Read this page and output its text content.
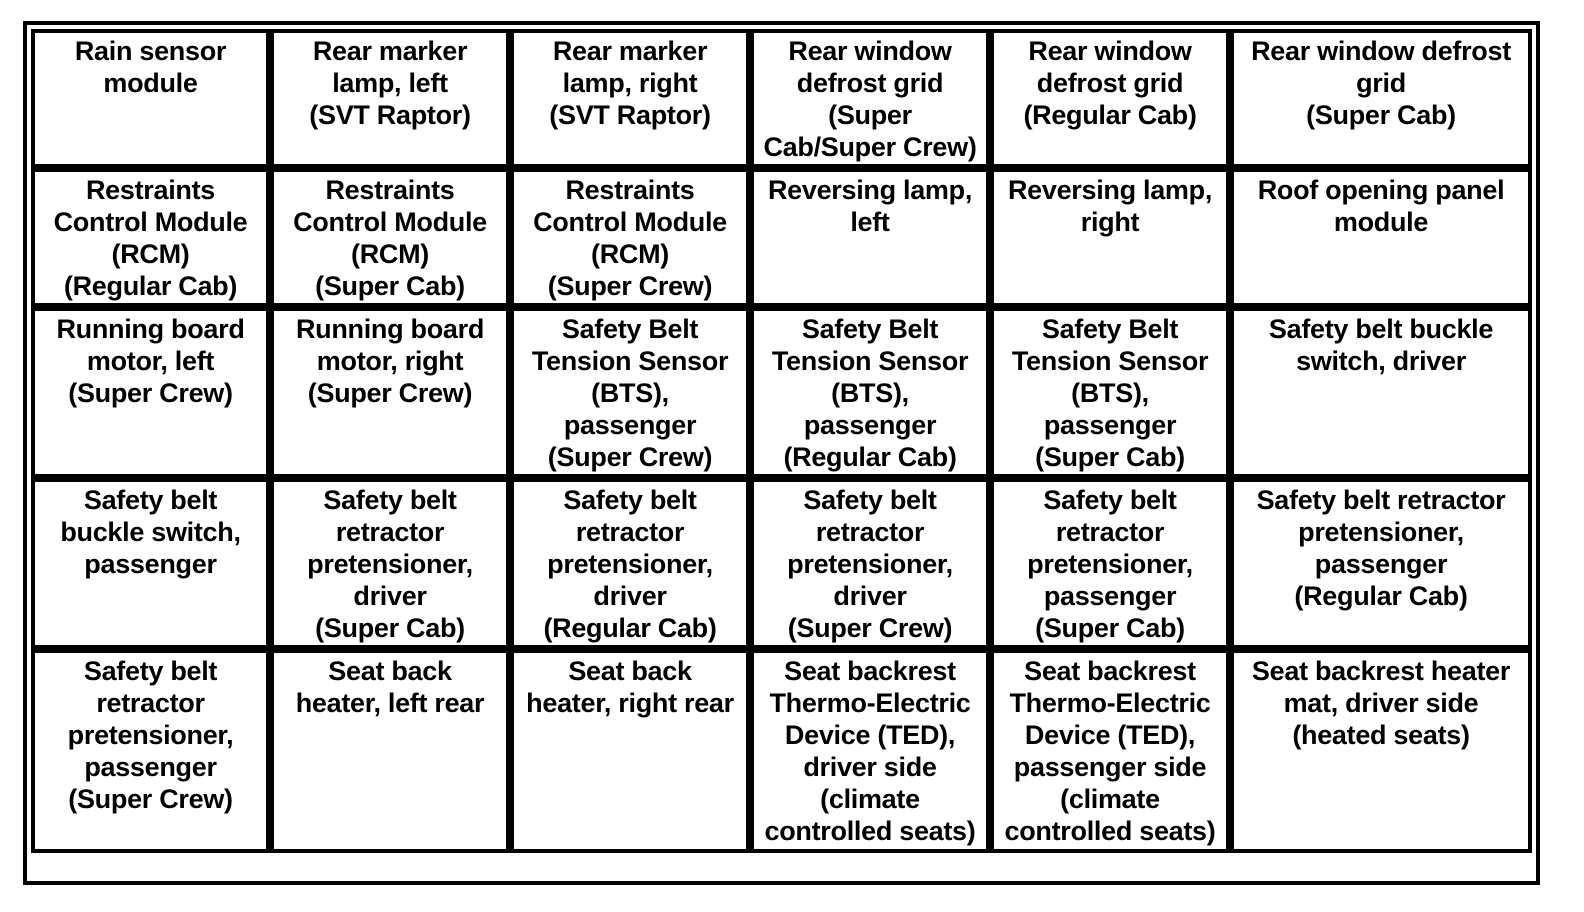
Rain sensor
module
Rear marker
lamp, left
(SVT Raptor)
Rear marker
lamp, right
(SVT Raptor)
Rear window
defrost grid
(Super
Cab/Super Crew)
Rear window
defrost grid
(Regular Cab)
Rear window defrost
grid
(Super Cab)
Restraints
Control Module
(RCM)
(Regular Cab)
Restraints
Control Module
(RCM)
(Super Cab)
Restraints
Control Module
(RCM)
(Super Crew)
Reversing lamp,
left
Reversing lamp,
right
Roof opening panel
module
Running board
motor, left
(Super Crew)
Running board
motor, right
(Super Crew)
Safety Belt
Tension Sensor
(BTS),
passenger
(Super Crew)
Safety Belt
Tension Sensor
(BTS),
passenger
(Regular Cab)
Safety Belt
Tension Sensor
(BTS),
passenger
(Super Cab)
Safety belt buckle
switch, driver
Safety belt
buckle switch,
passenger
Safety belt
retractor
pretensioner,
driver
(Super Cab)
Safety belt
retractor
pretensioner,
driver
(Regular Cab)
Safety belt
retractor
pretensioner,
driver
(Super Crew)
Safety belt
retractor
pretensioner,
passenger
(Super Cab)
Safety belt retractor
pretensioner,
passenger
(Regular Cab)
Safety belt
retractor
pretensioner,
passenger
(Super Crew)
Seat back
heater, left rear
Seat back
heater, right rear
Seat backrest
Thermo-Electric
Device (TED),
driver side
(climate
controlled seats)
Seat backrest
Thermo-Electric
Device (TED),
passenger side
(climate
controlled seats)
Seat backrest heater
mat, driver side
(heated seats)
